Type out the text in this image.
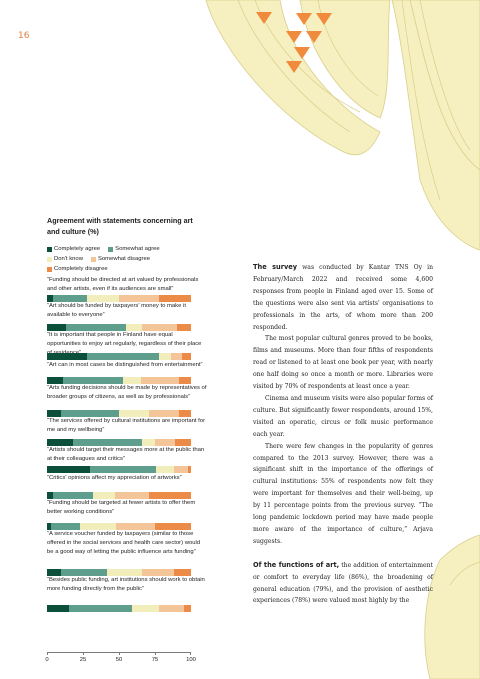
16
Agreement with statements concerning art and culture (%)
Completely agree	Somewhat agree
Don't know	Somewhat disagree
Completely disagree
“Funding should be directed at art valued by professionals and other artists, even if its audiences are small”
“Art should be funded by taxpayers' money to make it available to everyone”
“It is important that people in Finland have equal opportunities to enjoy art regularly, regardless of their place
“Art can in most cases be distinguished from entertainment”
“Arts funding decisions should be made by representatives of broader groups of citizens, as well as by professionals”
“The services offered by cultural institutions are important for me and my wellbeing”
“Artists should target their messages more at the public than at their colleagues and critics”
“Critics' opinions affect my appreciation of artworks”
“Funding should be targeted at fewer artists to offer them better working conditions”
“A service voucher funded by taxpayers (similar to those offered in the social services and health care sector) would be a good way of letting the public influence arts funding”
“Besides public funding, art institutions should work to obtain more funding directly from the public”
0	25	50	75	100

The survey was conducted by Kantar TNS Oy in February/March 2022 and received some 4,600 responses from people in Finland aged over 15. Some of the questions were also sent via artists' organisations to professionals in the arts, of whom more than 200 responded.

The most popular cultural genres proved to be books, films and museums. More than four fifths of respondents read or listened to at least one book per year, with nearly one half doing so once a month or more. Libraries were visited by 70% of respondents at least once a year.

Cinema and museum visits were also popular forms of culture. But significantly fewer respondents, around 15%, visited an operatic, circus or folk music performance each year.

There were few changes in the popularity of genres compared to the 2013 survey. However, there was a significant shift in the importance of the offerings of cultural institutions: 55% of respondents now felt they were important for themselves and their well-being, up by 11 percentage points from the previous survey. “The long pandemic lockdown period may have made people more aware of the importance of culture,” Arjava suggests.

Of the functions of art, the addition of entertainment or comfort to everyday life (86%), the broadening of general education (79%), and the provision of aesthetic experiences (78%) were valued most highly by the
